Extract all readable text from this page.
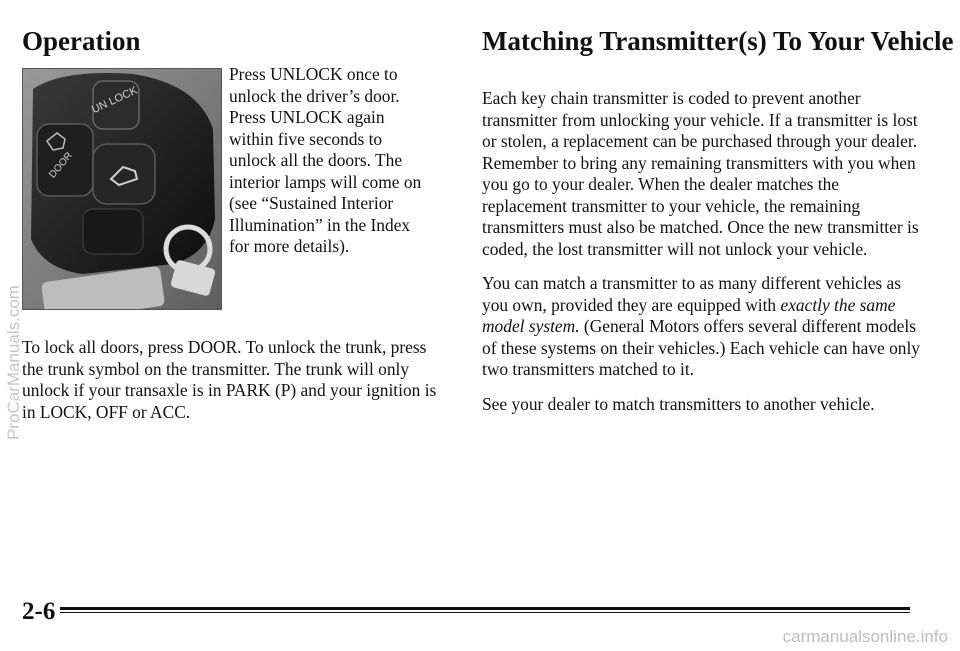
Operation	Matching Transmitter(s) To Your Vehicle
UN LOCK
DOOR

Press UNLOCK once to unlock the driver’s door. Press UNLOCK again within five seconds to unlock all the doors. The interior lamps will come on (see “Sustained Interior Illumination” in the Index for more details).

To lock all doors, press DOOR. To unlock the trunk, press the trunk symbol on the transmitter. The trunk will only unlock if your transaxle is in PARK (P) and your ignition is in LOCK, OFF or ACC.

Each key chain transmitter is coded to prevent another transmitter from unlocking your vehicle. If a transmitter is lost or stolen, a replacement can be purchased through your dealer. Remember to bring any remaining transmitters with you when you go to your dealer. When the dealer matches the replacement transmitter to your vehicle, the remaining transmitters must also be matched. Once the new transmitter is coded, the lost transmitter will not unlock your vehicle.

You can match a transmitter to as many different vehicles as you own, provided they are equipped with exactly the same model system. (General Motors offers several different models of these systems on their vehicles.) Each vehicle can have only two transmitters matched to it.

See your dealer to match transmitters to another vehicle.

2-6

ProCarManuals.com

carmanualsonline.info
